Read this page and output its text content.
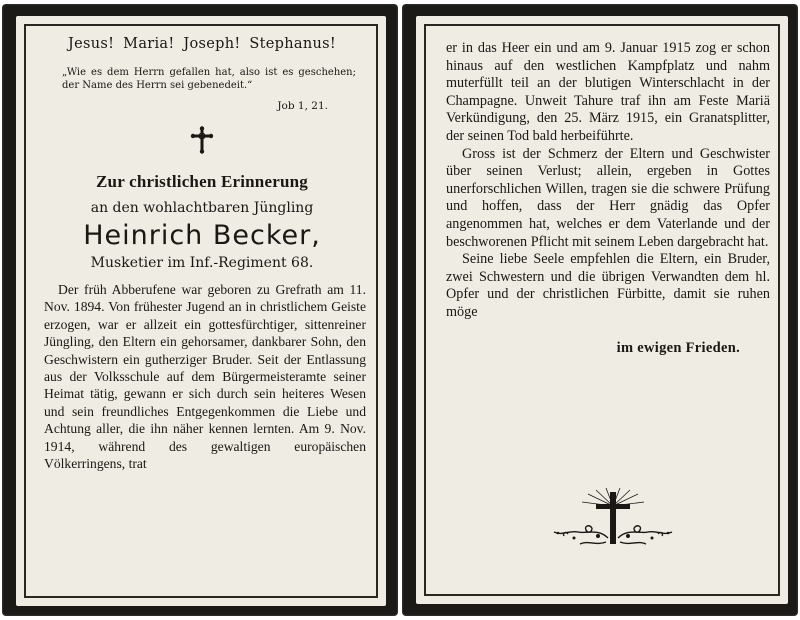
Jesus! Maria! Joseph! Stephanus!
„Wie es dem Herrn gefallen hat, also ist es geschehen; der Name des Herrn sei gebenedeit.“
Job 1, 21.
Zur christlichen Erinnerung
an den wohlachtbaren Jüngling
Heinrich Becker,
Musketier im Inf.-Regiment 68.

Der früh Abberufene war geboren zu Grefrath am 11. Nov. 1894. Von frühester Jugend an in christlichem Geiste erzogen, war er allzeit ein gottesfürchtiger, sittenreiner Jüngling, den Eltern ein gehorsamer, dankbarer Sohn, den Geschwistern ein gutherziger Bruder. Seit der Entlassung aus der Volksschule auf dem Bürgermeisteramte seiner Heimat tätig, gewann er sich durch sein heiteres Wesen und sein freundliches Entgegenkommen die Liebe und Achtung aller, die ihn näher kennen lernten. Am 9. Nov. 1914, während des gewaltigen europäischen Völkerringens, trat

er in das Heer ein und am 9. Januar 1915 zog er schon hinaus auf den westlichen Kampfplatz und nahm muterfüllt teil an der blutigen Winterschlacht in der Champagne. Unweit Tahure traf ihn am Feste Mariä Verkündigung, den 25. März 1915, ein Granatsplitter, der seinen Tod bald herbeiführte.

Gross ist der Schmerz der Eltern und Geschwister über seinen Verlust; allein, ergeben in Gottes unerforschlichen Willen, tragen sie die schwere Prüfung und hoffen, dass der Herr gnädig das Opfer angenommen hat, welches er dem Vaterlande und der beschworenen Pflicht mit seinem Leben dargebracht hat.

Seine liebe Seele empfehlen die Eltern, ein Bruder, zwei Schwestern und die übrigen Verwandten dem hl. Opfer und der christlichen Fürbitte, damit sie ruhen möge

im ewigen Frieden.
